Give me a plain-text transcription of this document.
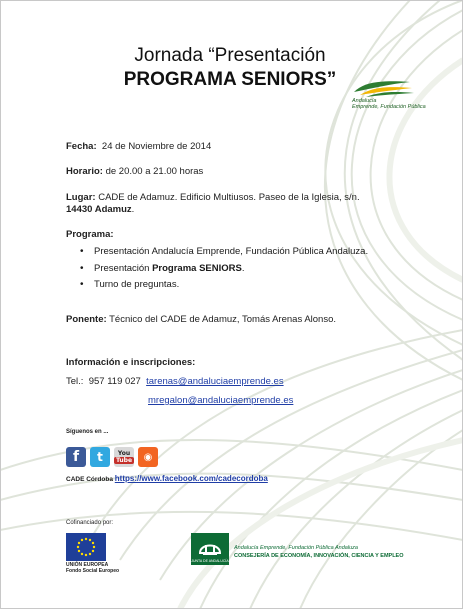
Jornada “Presentación
PROGRAMA SENIORS”
Andalucía
Emprende, Fundación Pública
Fecha: 24 de Noviembre de 2014
Horario: de 20.00 a 21.00 horas
Lugar: CADE de Adamuz. Edificio Multiusos. Paseo de la Iglesia, s/n.
14430 Adamuz.
Programa:
• Presentación Andalucía Emprende, Fundación Pública Andaluza.
• Presentación Programa SENIORS.
• Turno de preguntas.
Ponente: Técnico del CADE de Adamuz, Tomás Arenas Alonso.
Información e inscripciones:
Tel.: 957 119 027 tarenas@andaluciaemprende.es
mregalon@andaluciaemprende.es
Síguenos en ...
f t	You
Tube ◉
CADE Córdoba https://www.facebook.com/cadecordoba
Cofinanciado por:
UNIÓN EUROPEA
Fondo Social Europeo
JUNTA DE ANDALUCÍA
Andalucía Emprende, Fundación Pública Andaluza
CONSEJERÍA DE ECONOMÍA, INNOVACIÓN, CIENCIA Y EMPLEO
